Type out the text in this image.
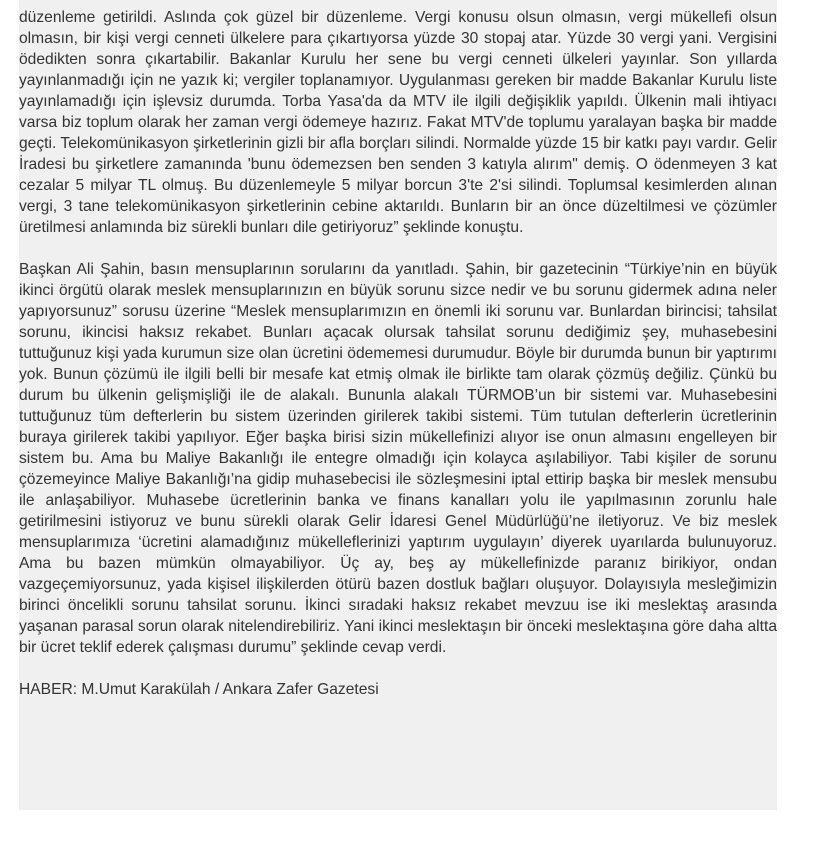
düzenleme getirildi. Aslında çok güzel bir düzenleme. Vergi konusu olsun olmasın, vergi mükellefi olsun olmasın, bir kişi vergi cenneti ülkelere para çıkartıyorsa yüzde 30 stopaj atar. Yüzde 30 vergi yani. Vergisini ödedikten sonra çıkartabilir. Bakanlar Kurulu her sene bu vergi cenneti ülkeleri yayınlar. Son yıllarda yayınlanmadığı için ne yazık ki; vergiler toplanamıyor. Uygulanması gereken bir madde Bakanlar Kurulu liste yayınlamadığı için işlevsiz durumda. Torba Yasa'da da MTV ile ilgili değişiklik yapıldı. Ülkenin mali ihtiyacı varsa biz toplum olarak her zaman vergi ödemeye hazırız. Fakat MTV'de toplumu yaralayan başka bir madde geçti. Telekomünikasyon şirketlerinin gizli bir afla borçları silindi. Normalde yüzde 15 bir katkı payı vardır. Gelir İradesi bu şirketlere zamanında 'bunu ödemezsen ben senden 3 katıyla alırım" demiş. O ödenmeyen 3 kat cezalar 5 milyar TL olmuş. Bu düzenlemeyle 5 milyar borcun 3'te 2'si silindi. Toplumsal kesimlerden alınan vergi, 3 tane telekomünikasyon şirketlerinin cebine aktarıldı. Bunların bir an önce düzeltilmesi ve çözümler üretilmesi anlamında biz sürekli bunları dile getiriyoruz” şeklinde konuştu.

Başkan Ali Şahin, basın mensuplarının sorularını da yanıtladı. Şahin, bir gazetecinin “Türkiye’nin en büyük ikinci örgütü olarak meslek mensuplarınızın en büyük sorunu sizce nedir ve bu sorunu gidermek adına neler yapıyorsunuz” sorusu üzerine “Meslek mensuplarımızın en önemli iki sorunu var. Bunlardan birincisi; tahsilat sorunu, ikincisi haksız rekabet. Bunları açacak olursak tahsilat sorunu dediğimiz şey, muhasebesini tuttuğunuz kişi yada kurumun size olan ücretini ödememesi durumudur. Böyle bir durumda bunun bir yaptırımı yok. Bunun çözümü ile ilgili belli bir mesafe kat etmiş olmak ile birlikte tam olarak çözmüş değiliz. Çünkü bu durum bu ülkenin gelişmişliği ile de alakalı. Bununla alakalı TÜRMOB’un bir sistemi var. Muhasebesini tuttuğunuz tüm defterlerin bu sistem üzerinden girilerek takibi sistemi. Tüm tutulan defterlerin ücretlerinin buraya girilerek takibi yapılıyor. Eğer başka birisi sizin mükellefinizi alıyor ise onun almasını engelleyen bir sistem bu. Ama bu Maliye Bakanlığı ile entegre olmadığı için kolayca aşılabiliyor. Tabi kişiler de sorunu çözemeyince Maliye Bakanlığı’na gidip muhasebecisi ile sözleşmesini iptal ettirip başka bir meslek mensubu ile anlaşabiliyor. Muhasebe ücretlerinin banka ve finans kanalları yolu ile yapılmasının zorunlu hale getirilmesini istiyoruz ve bunu sürekli olarak Gelir İdaresi Genel Müdürlüğü’ne iletiyoruz. Ve biz meslek mensuplarımıza ‘ücretini alamadığınız mükelleflerinizi yaptırım uygulayın’ diyerek uyarılarda bulunuyoruz. Ama bu bazen mümkün olmayabiliyor. Üç ay, beş ay mükellefinizde paranız birikiyor, ondan vazgeçemiyorsunuz, yada kişisel ilişkilerden ötürü bazen dostluk bağları oluşuyor. Dolayısıyla mesleğimizin birinci öncelikli sorunu tahsilat sorunu. İkinci sıradaki haksız rekabet mevzuu ise iki meslektaş arasında yaşanan parasal sorun olarak nitelendirebiliriz. Yani ikinci meslektaşın bir önceki meslektaşına göre daha altta bir ücret teklif ederek çalışması durumu” şeklinde cevap verdi.

HABER: M.Umut Karakülah / Ankara Zafer Gazetesi
